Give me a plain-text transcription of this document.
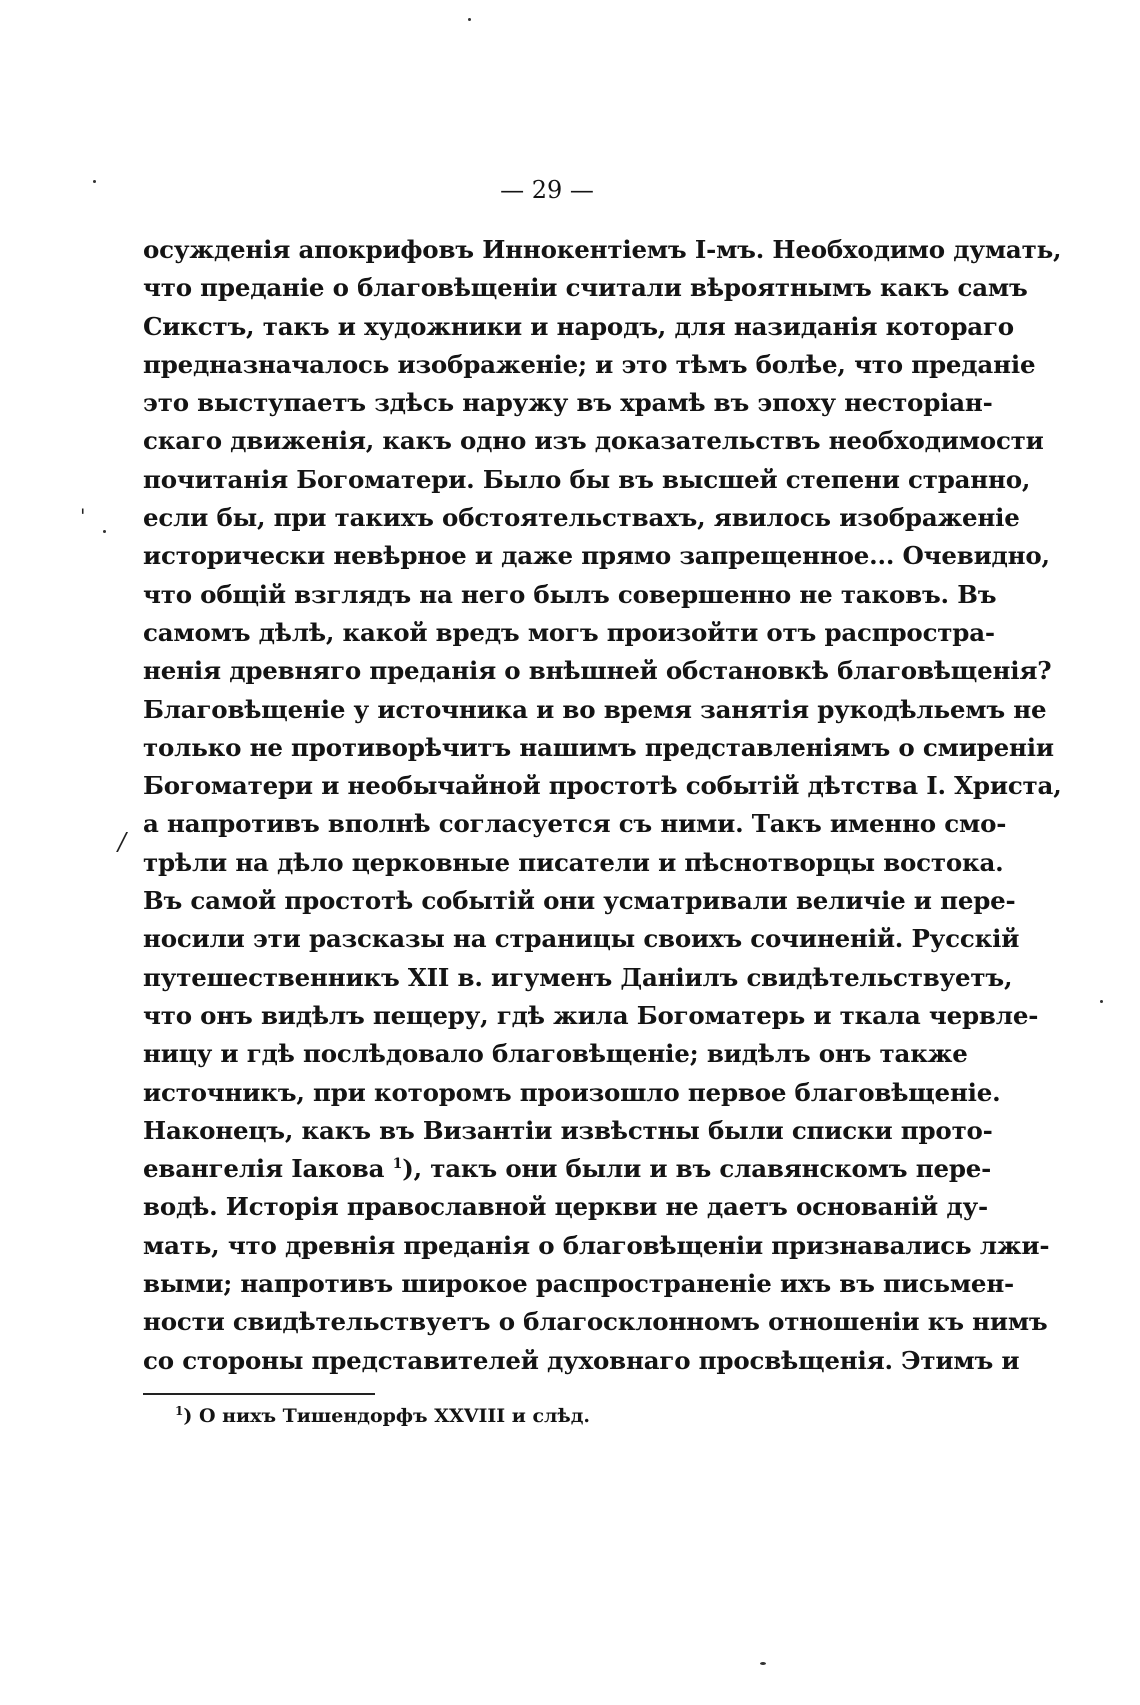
— 29 —
осужденія апокрифовъ Иннокентіемъ І-мъ. Необходимо думать,
что преданіе о благовѣщеніи считали вѣроятнымъ какъ самъ
Сикстъ, такъ и художники и народъ, для назиданія котораго
предназначалось изображеніе; и это тѣмъ болѣе, что преданіе
это выступаетъ здѣсь наружу въ храмѣ въ эпоху несторіан-
скаго движенія, какъ одно изъ доказательствъ необходимости
почитанія Богоматери. Было бы въ высшей степени странно,
если бы, при такихъ обстоятельствахъ, явилось изображеніе
исторически невѣрное и даже прямо запрещенное... Очевидно,
что общій взглядъ на него былъ совершенно не таковъ. Въ
самомъ дѣлѣ, какой вредъ могъ произойти отъ распростра-
ненія древняго преданія о внѣшней обстановкѣ благовѣщенія?
Благовѣщеніе у источника и во время занятія рукодѣльемъ не
только не противорѣчитъ нашимъ представленіямъ о смиреніи
Богоматери и необычайной простотѣ событій дѣтства І. Христа,
а напротивъ вполнѣ согласуется съ ними. Такъ именно смо-
трѣли на дѣло церковные писатели и пѣснотворцы востока.
Въ самой простотѣ событій они усматривали величіе и пере-
носили эти разсказы на страницы своихъ сочиненій. Русскій
путешественникъ XII в. игуменъ Даніилъ свидѣтельствуетъ,
что онъ видѣлъ пещеру, гдѣ жила Богоматерь и ткала червле-
ницу и гдѣ послѣдовало благовѣщеніе; видѣлъ онъ также
источникъ, при которомъ произошло первое благовѣщеніе.
Наконецъ, какъ въ Византіи извѣстны были списки прото-
евангелія Іакова $^1$), такъ они были и въ славянскомъ пере-
водѣ. Исторія православной церкви не даетъ основаній ду-
мать, что древнія преданія о благовѣщеніи признавались лжи-
выми; напротивъ широкое распространеніе ихъ въ письмен-
ности свидѣтельствуетъ о благосклонномъ отношеніи къ нимъ
со стороны представителей духовнаго просвѣщенія. Этимъ и
$^1$) О нихъ Тишендорфъ XXVIII и слѣд.
'
/
